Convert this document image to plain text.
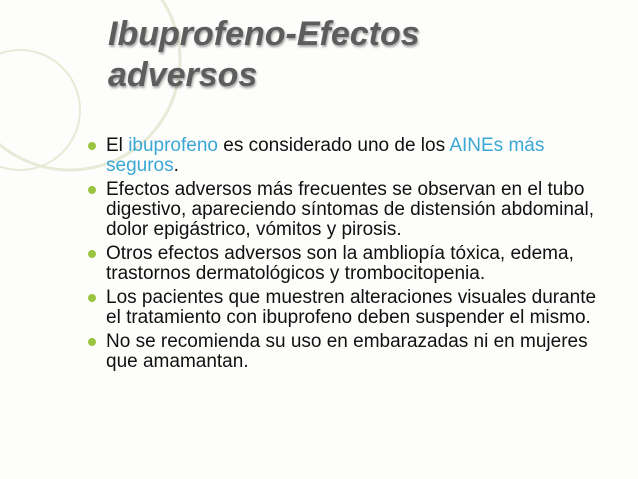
Ibuprofeno-Efectos
adversos
El ibuprofeno es considerado uno de los AINEs más seguros.
Efectos adversos más frecuentes se observan en el tubo digestivo, apareciendo síntomas de distensión abdominal, dolor epigástrico, vómitos y pirosis.
Otros efectos adversos son la ambliopía tóxica, edema, trastornos dermatológicos y trombocitopenia.
Los pacientes que muestren alteraciones visuales durante el tratamiento con ibuprofeno deben suspender el mismo.
No se recomienda su uso en embarazadas ni en mujeres que amamantan.
